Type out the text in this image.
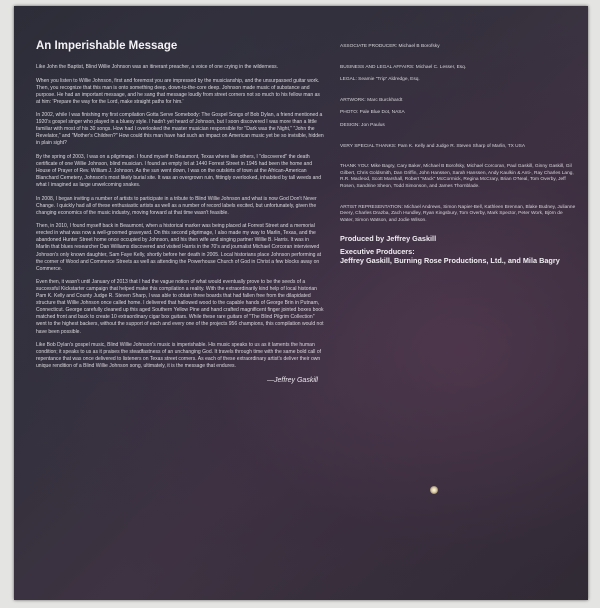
An Imperishable Message

Like John the Baptist, Blind Willie Johnson was an itinerant preacher, a voice of one crying in the wilderness.

When you listen to Willie Johnson, first and foremost you are impressed by the musicianship, and the unsurpassed guitar work. Then, you recognize that this man is onto something deep, down-to-the-core deep. Johnson made music of substance and purpose. He had an important message, and he sang that message loudly from street corners not so much to his fellow man as at him: 'Prepare the way for the Lord, make straight paths for him.'

In 2002, while I was finishing my first compilation Gotta Serve Somebody: The Gospel Songs of Bob Dylan, a friend mentioned a 1920's gospel singer who played in a bluesy style. I hadn't yet heard of Johnson, but I soon discovered I was more than a little familiar with most of his 30 songs. How had I overlooked the master musician responsible for "Dark was the Night," "John the Revelator," and "Mother's Children?" How could this man have had such an impact on American music yet be so invisible, hidden in plain sight?

By the spring of 2003, I was on a pilgrimage. I found myself in Beaumont, Texas where like others, I "discovered" the death certificate of one Willie Johnson, blind musician. I found an empty lot at 1440 Forrest Street in 1945 had been the home and House of Prayer of Rev. William J. Johnson. As the sun went down, I was on the outskirts of town at the African-American Blanchard Cemetery, Johnson's most likely burial site. It was an overgrown ruin, fittingly overlooked, inhabited by tall weeds and what I imagined as large unwelcoming snakes.

In 2008, I began inviting a number of artists to participate in a tribute to Blind Willie Johnson and what is now God Don't Never Change. I quickly had all of these enthusiastic artists as well as a number of record labels excited, but unfortunately, given the changing economics of the music industry, moving forward at that time wasn't feasible.

Then, in 2010, I found myself back in Beaumont, when a historical marker was being placed at Forrest Street and a memorial erected in what was now a well-groomed graveyard. On this second pilgrimage, I also made my way to Marlin, Texas, and the abandoned Hunter Street home once occupied by Johnson, and his then wife and singing partner Willie B. Harris. It was in Marlin that blues researcher Dan Williams discovered and visited Harris in the 70's and journalist Michael Corcoran interviewed Johnson's only known daughter, Sam Faye Kelly, shortly before her death in 2005. Local historians place Johnson performing at the corner of Wood and Commerce Streets as well as attending the Powerhouse Church of God in Christ a few blocks away on Commerce.

Even then, it wasn't until January of 2013 that I had the vague notion of what would eventually prove to be the seeds of a successful Kickstarter campaign that helped make this compilation a reality. With the extraordinarily kind help of local historian Pam K. Kelly and County Judge R. Steven Sharp, I was able to obtain three boards that had fallen free from the dilapidated structure that Willie Johnson once called home. I delivered that hallowed wood to the capable hands of George Brin in Putnam, Connecticut. George carefully cleaned up this aged Southern Yellow Pine and hand crafted magnificent finger jointed boxes book matched front and back to create 10 extraordinary cigar box guitars. While these rare guitars of "The Blind Pilgrim Collection" went to the highest backers, without the support of each and every one of the projects 956 champions, this compilation would not have been possible.

Like Bob Dylan's gospel music, Blind Willie Johnson's music is imperishable. His music speaks to us as it laments the human condition; it speaks to us as it praises the steadfastness of an unchanging God. It travels through time with the same bold call of repentance that was once delivered to listeners on Texas street corners. As each of these extraordinary artist's deliver their own unique rendition of a Blind Willie Johnson song, ultimately, it is the message that endures.

—Jeffrey Gaskill
ASSOCIATE PRODUCER: Michael B Borofsky
BUSINESS AND LEGAL AFFAIRS: Michael C. Lesser, Esq.
LEGAL: Seamie "Trip" Aldredge, Esq.
ARTWORK: Marc Burckhardt
PHOTO: Pale Blue Dot, NASA
DESIGN: Jon Paulus
VERY SPECIAL THANKS: Pam K. Kelly and Judge R. Steven Sharp of Marlin, TX USA
THANK YOU: Mike Bagry, Cary Baker, Michael B Borofsky, Michael Corcoran, Paul Gaskill, Ginny Gaskill, Gil Gilbert, Chris Goldsmith, Dan Griffin, John Hanssen, Sarah Hanssen, Andy Kaulkin & Anti-, Ray Charles Lang, R.R. Macleod, Scott Marshall, Robert "Mack" McCormick, Regina McCrary, Brian O'Neal, Tom Overby, Jeff Rosen, Sandrine Sheon, Todd Simonson, and James Thornblade.
ARTIST REPRESENTATION: Michael Andrews, Simon Napier-Bell, Kathleen Brennan, Blake Budney, Julianne Deery, Charles Drazba, Zach Hundley, Ryan Kingsbury, Tom Overby, Mark Spector, Peter Work, Björn de Water, Simon Watson, and Jodie Wilson.
Produced by Jeffrey Gaskill
Executive Producers:
Jeffrey Gaskill, Burning Rose Productions, Ltd., and Mila Bagry
